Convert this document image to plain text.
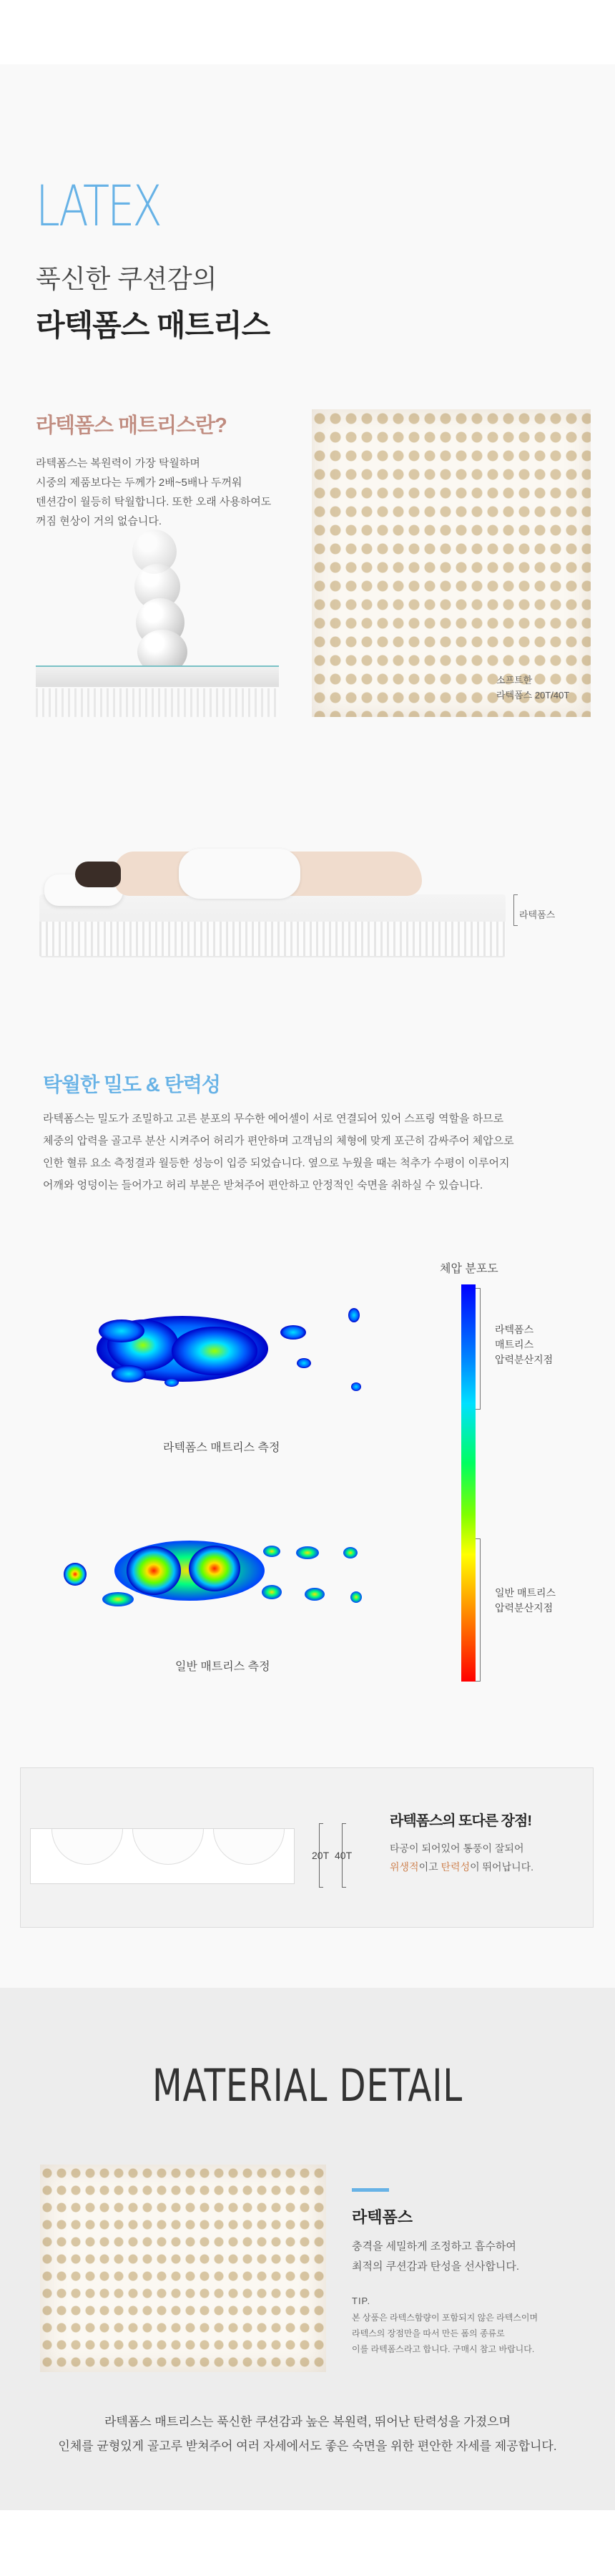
LATEX
푹신한 쿠션감의
라텍폼스 매트리스
라텍폼스 매트리스란?
라텍폼스는 복원력이 가장 탁월하며
시중의 제품보다는 두께가 2배~5배나 두꺼워
텐션감이 월등히 탁월합니다. 또한 오래 사용하여도
꺼짐 현상이 거의 없습니다.
소프트한
라텍폼스 20T/40T
라텍폼스
탁월한 밀도 & 탄력성
라텍폼스는 밀도가 조밀하고 고른 분포의 무수한 에어셀이 서로 연결되어 있어 스프링 역할을 하므로
체중의 압력을 골고루 분산 시켜주어 허리가 편안하며 고객님의 체형에 맞게 포근히 감싸주어 체압으로
인한 혈류 요소 측정결과 월등한 성능이 입증 되었습니다. 옆으로 누웠을 때는 척추가 수평이 이루어지
어깨와 엉덩이는 들어가고 허리 부분은 받쳐주어 편안하고 안정적인 숙면을 취하실 수 있습니다.
체압 분포도
라텍폼스
매트리스
압력분산지점
일반 매트리스
압력분산지점
라텍폼스 매트리스 측정
일반 매트리스 측정
20T 40T
라텍폼스의 또다른 장점!
타공이 되어있어 통풍이 잘되어
위생적이고 탄력성이 뛰어납니다.
MATERIAL DETAIL
라텍폼스
충격을 세밀하게 조정하고 흡수하여
최적의 쿠션감과 탄성을 선사합니다.
TIP.
본 상품은 라텍스함량이 포함되지 않은 라텍스이며
라텍스의 장점만을 따서 만든 폼의 종류로
이를 라텍폼스라고 합니다. 구매시 참고 바랍니다.
라텍폼스 매트리스는 푹신한 쿠션감과 높은 복원력, 뛰어난 탄력성을 가졌으며
인체를 균형있게 골고루 받쳐주어 여러 자세에서도 좋은 숙면을 위한 편안한 자세를 제공합니다.
